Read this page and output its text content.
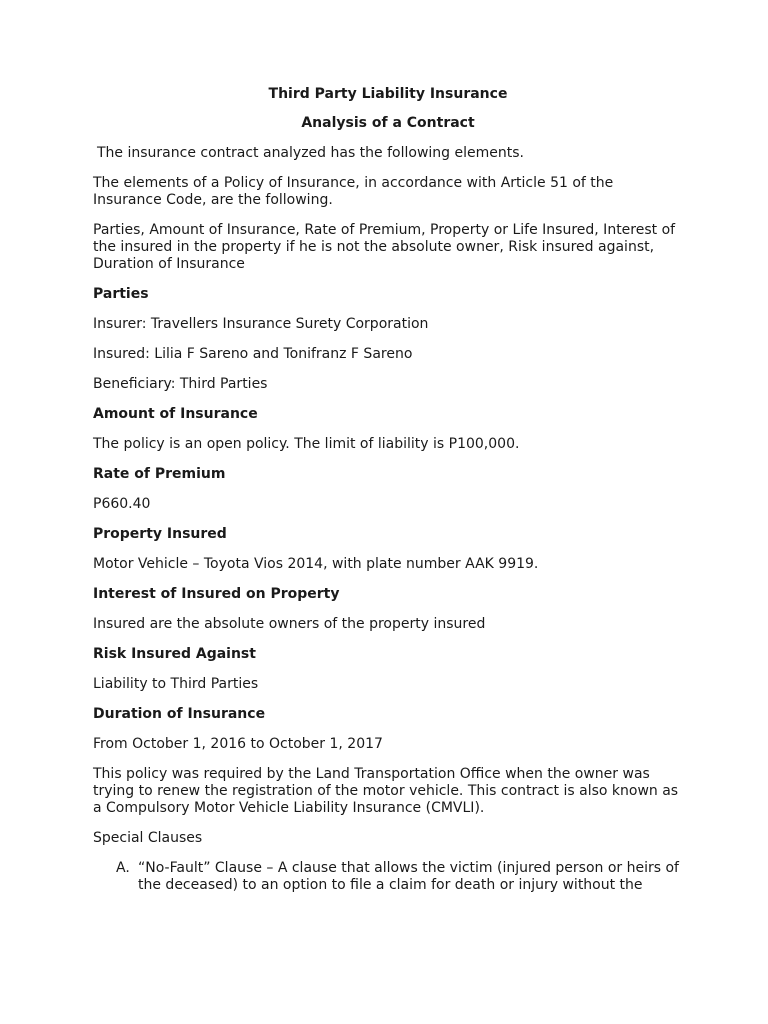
Third Party Liability Insurance

Analysis of a Contract

The insurance contract analyzed has the following elements.

The elements of a Policy of Insurance, in accordance with Article 51 of the Insurance Code, are the following.

Parties, Amount of Insurance, Rate of Premium, Property or Life Insured, Interest of the insured in the property if he is not the absolute owner, Risk insured against, Duration of Insurance

Parties

Insurer: Travellers Insurance Surety Corporation

Insured: Lilia F Sareno and Tonifranz F Sareno

Beneficiary: Third Parties

Amount of Insurance

The policy is an open policy. The limit of liability is P100,000.

Rate of Premium

P660.40

Property Insured

Motor Vehicle – Toyota Vios 2014, with plate number AAK 9919.

Interest of Insured on Property

Insured are the absolute owners of the property insured

Risk Insured Against

Liability to Third Parties

Duration of Insurance

From October 1, 2016 to October 1, 2017

This policy was required by the Land Transportation Office when the owner was trying to renew the registration of the motor vehicle. This contract is also known as a Compulsory Motor Vehicle Liability Insurance (CMVLI).

Special Clauses

A. “No-Fault” Clause – A clause that allows the victim (injured person or heirs of the deceased) to an option to file a claim for death or injury without the
